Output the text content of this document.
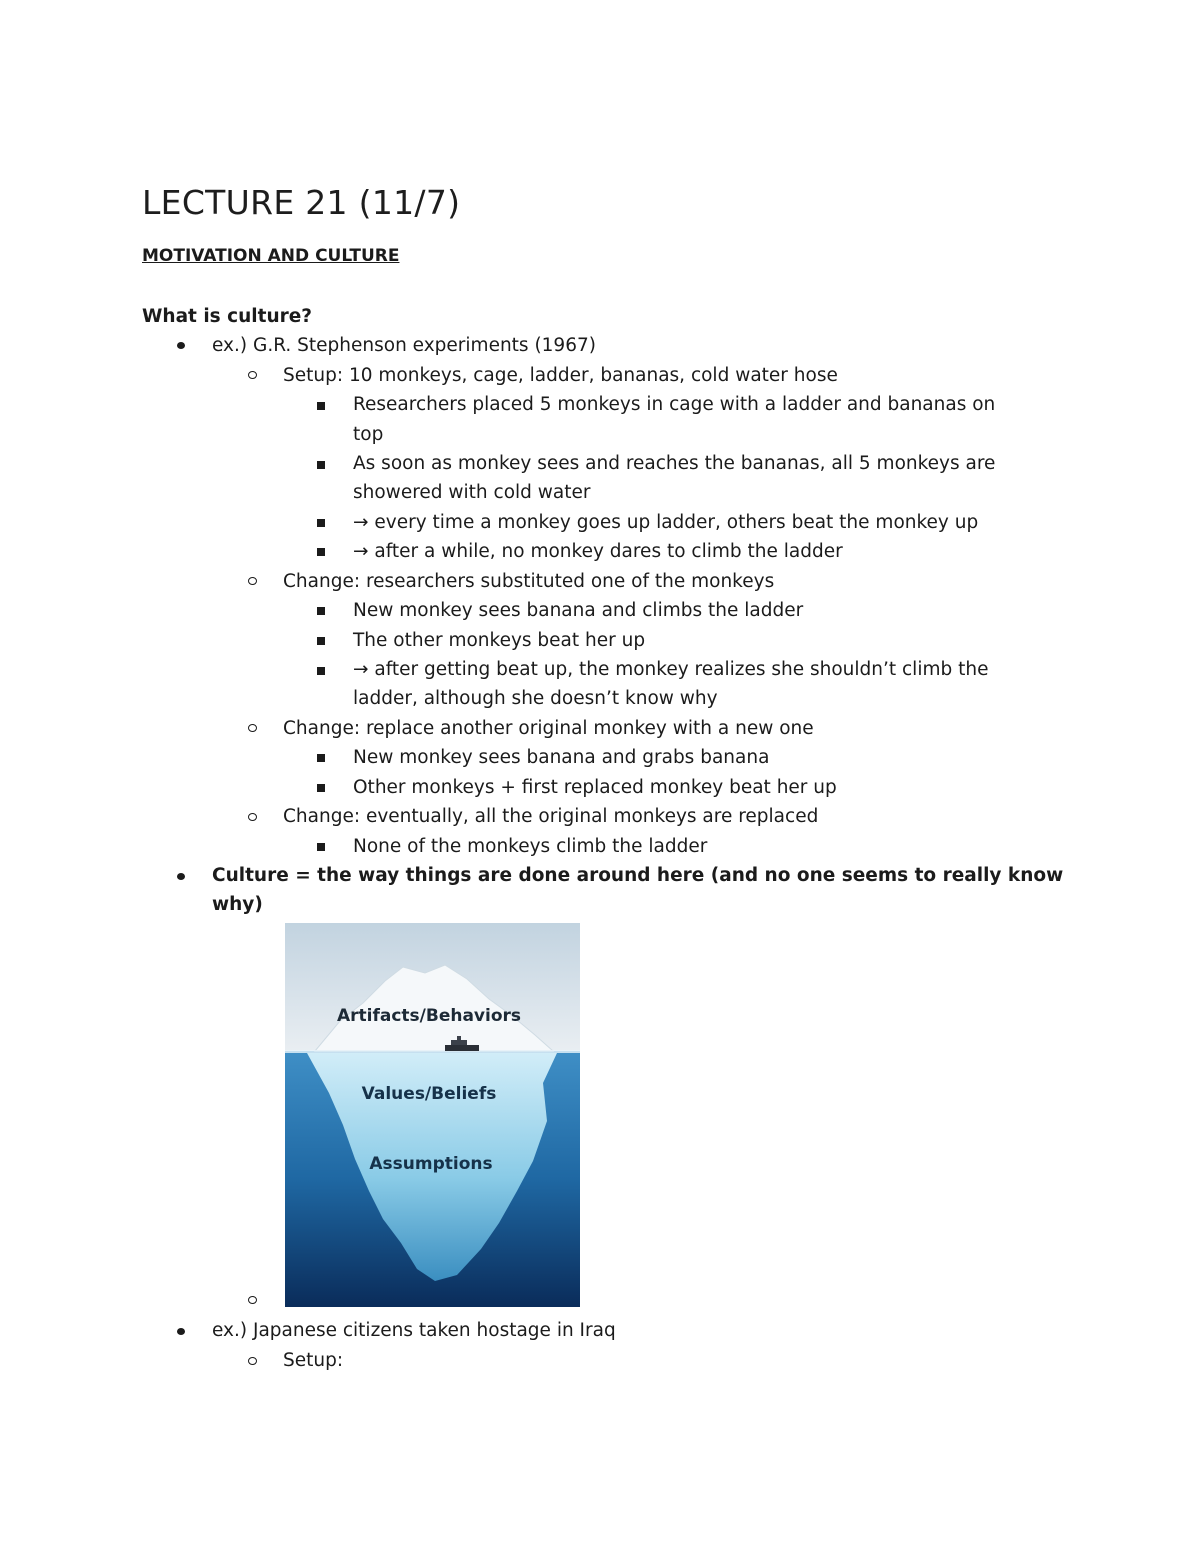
LECTURE 21 (11/7)
MOTIVATION AND CULTURE
What is culture?
ex.) G.R. Stephenson experiments (1967)
Setup: 10 monkeys, cage, ladder, bananas, cold water hose
Researchers placed 5 monkeys in cage with a ladder and bananas on
top
As soon as monkey sees and reaches the bananas, all 5 monkeys are
showered with cold water
→ every time a monkey goes up ladder, others beat the monkey up
→ after a while, no monkey dares to climb the ladder
Change: researchers substituted one of the monkeys
New monkey sees banana and climbs the ladder
The other monkeys beat her up
→ after getting beat up, the monkey realizes she shouldn’t climb the
ladder, although she doesn’t know why
Change: replace another original monkey with a new one
New monkey sees banana and grabs banana
Other monkeys + first replaced monkey beat her up
Change: eventually, all the original monkeys are replaced
None of the monkeys climb the ladder
Culture = the way things are done around here (and no one seems to really know
why)
Artifacts/Behaviors
Values/Beliefs
Assumptions
ex.) Japanese citizens taken hostage in Iraq
Setup:
